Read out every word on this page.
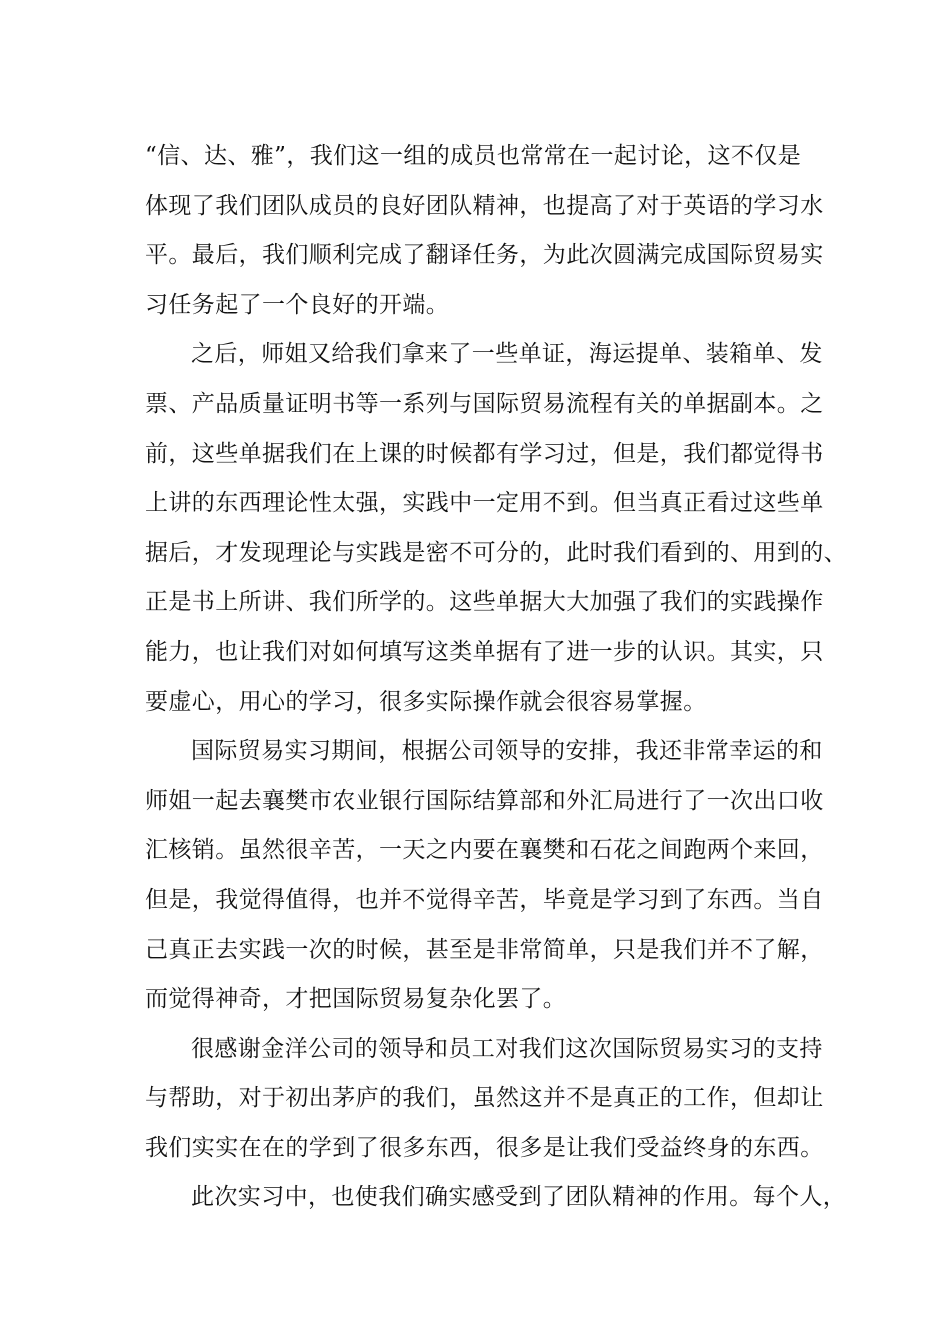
“信、达、雅”，我们这一组的成员也常常在一起讨论，这不仅是
体现了我们团队成员的良好团队精神，也提高了对于英语的学习水
平。最后，我们顺利完成了翻译任务，为此次圆满完成国际贸易实
习任务起了一个良好的开端。
之后，师姐又给我们拿来了一些单证，海运提单、装箱单、发
票、产品质量证明书等一系列与国际贸易流程有关的单据副本。之
前，这些单据我们在上课的时候都有学习过，但是，我们都觉得书
上讲的东西理论性太强，实践中一定用不到。但当真正看过这些单
据后，才发现理论与实践是密不可分的，此时我们看到的、用到的、
正是书上所讲、我们所学的。这些单据大大加强了我们的实践操作
能力，也让我们对如何填写这类单据有了进一步的认识。其实，只
要虚心，用心的学习，很多实际操作就会很容易掌握。
国际贸易实习期间，根据公司领导的安排，我还非常幸运的和
师姐一起去襄樊市农业银行国际结算部和外汇局进行了一次出口收
汇核销。虽然很辛苦，一天之内要在襄樊和石花之间跑两个来回，
但是，我觉得值得，也并不觉得辛苦，毕竟是学习到了东西。当自
己真正去实践一次的时候，甚至是非常简单，只是我们并不了解，
而觉得神奇，才把国际贸易复杂化罢了。
很感谢金洋公司的领导和员工对我们这次国际贸易实习的支持
与帮助，对于初出茅庐的我们，虽然这并不是真正的工作，但却让
我们实实在在的学到了很多东西，很多是让我们受益终身的东西。
此次实习中，也使我们确实感受到了团队精神的作用。每个人，
